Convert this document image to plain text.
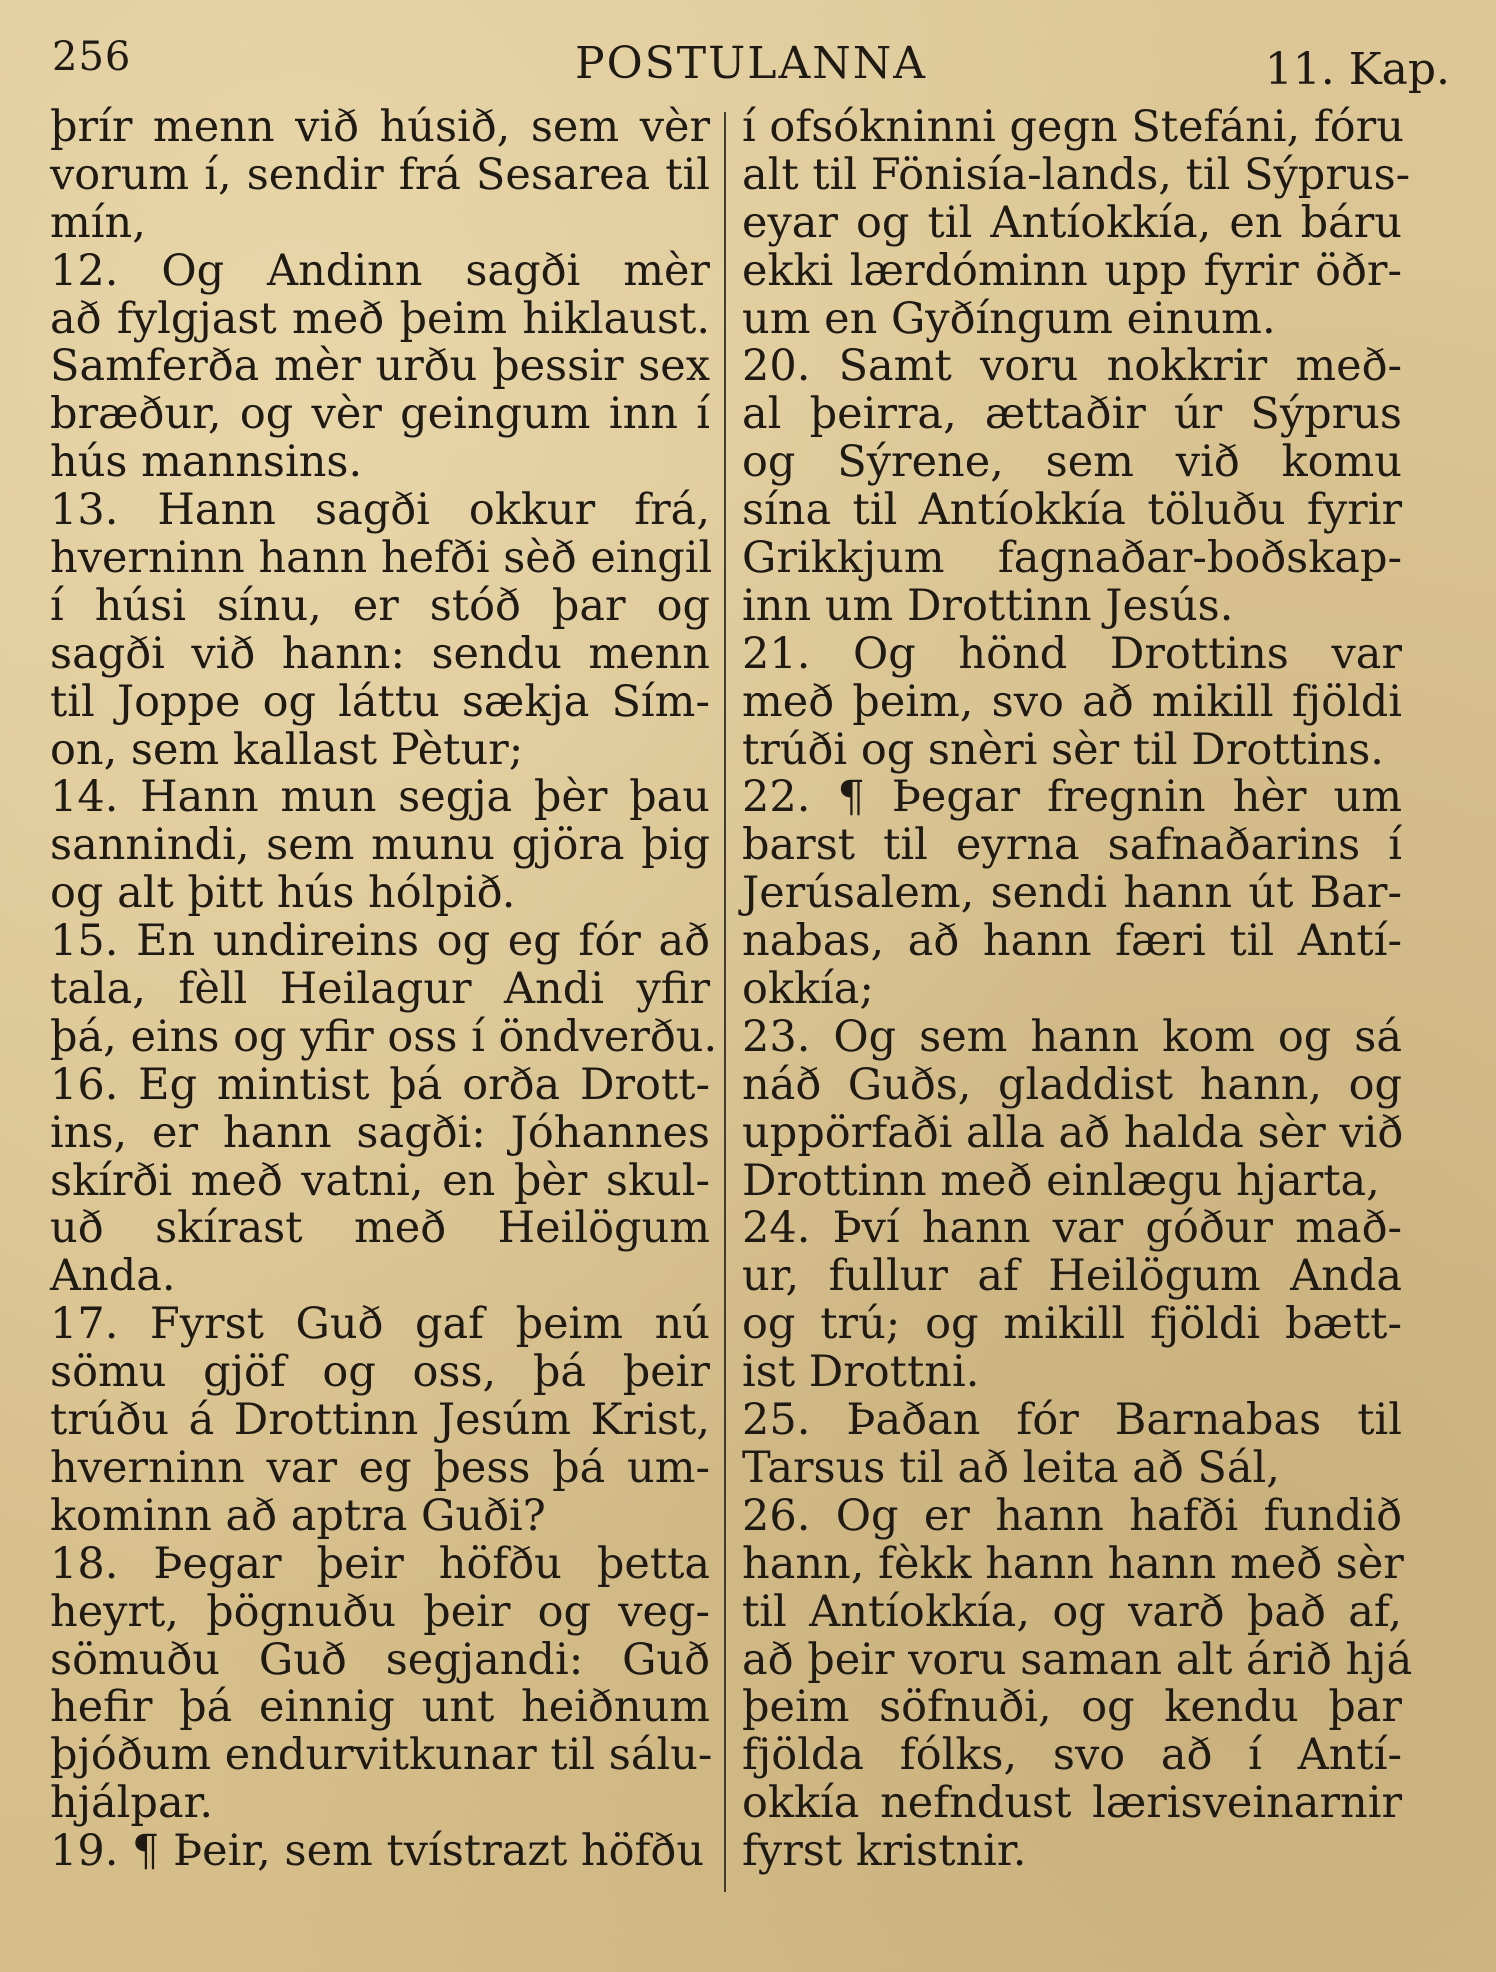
256	POSTULANNA	11. Kap.
þrír menn við húsið, sem vèr
vorum í, sendir frá Sesarea til
mín,
12. Og Andinn sagði mèr
að fylgjast með þeim hiklaust.
Samferða mèr urðu þessir sex
bræður, og vèr geingum inn í
hús mannsins.
13. Hann sagði okkur frá,
hverninn hann hefði sèð eingil
í húsi sínu, er stóð þar og
sagði við hann: sendu menn
til Joppe og láttu sækja Sím-
on, sem kallast Pètur;
14. Hann mun segja þèr þau
sannindi, sem munu gjöra þig
og alt þitt hús hólpið.
15. En undireins og eg fór að
tala, fèll Heilagur Andi yfir
þá, eins og yfir oss í öndverðu.
16. Eg mintist þá orða Drott-
ins, er hann sagði: Jóhannes
skírði með vatni, en þèr skul-
uð skírast með Heilögum
Anda.
17. Fyrst Guð gaf þeim nú
sömu gjöf og oss, þá þeir
trúðu á Drottinn Jesúm Krist,
hverninn var eg þess þá um-
kominn að aptra Guði?
18. Þegar þeir höfðu þetta
heyrt, þögnuðu þeir og veg-
sömuðu Guð segjandi: Guð
hefir þá einnig unt heiðnum
þjóðum endurvitkunar til sálu-
hjálpar.
19. ¶ Þeir, sem tvístrazt höfðu
í ofsókninni gegn Stefáni, fóru
alt til Fönisía-lands, til Sýprus-
eyar og til Antíokkía, en báru
ekki lærdóminn upp fyrir öðr-
um en Gyðíngum einum.
20. Samt voru nokkrir með-
al þeirra, ættaðir úr Sýprus
og Sýrene, sem við komu
sína til Antíokkía töluðu fyrir
Grikkjum fagnaðar-boðskap-
inn um Drottinn Jesús.
21. Og hönd Drottins var
með þeim, svo að mikill fjöldi
trúði og snèri sèr til Drottins.
22. ¶ Þegar fregnin hèr um
barst til eyrna safnaðarins í
Jerúsalem, sendi hann út Bar-
nabas, að hann færi til Antí-
okkía;
23. Og sem hann kom og sá
náð Guðs, gladdist hann, og
uppörfaði alla að halda sèr við
Drottinn með einlægu hjarta,
24. Því hann var góður mað-
ur, fullur af Heilögum Anda
og trú; og mikill fjöldi bætt-
ist Drottni.
25. Þaðan fór Barnabas til
Tarsus til að leita að Sál,
26. Og er hann hafði fundið
hann, fèkk hann hann með sèr
til Antíokkía, og varð það af,
að þeir voru saman alt árið hjá
þeim söfnuði, og kendu þar
fjölda fólks, svo að í Antí-
okkía nefndust lærisveinarnir
fyrst kristnir.
